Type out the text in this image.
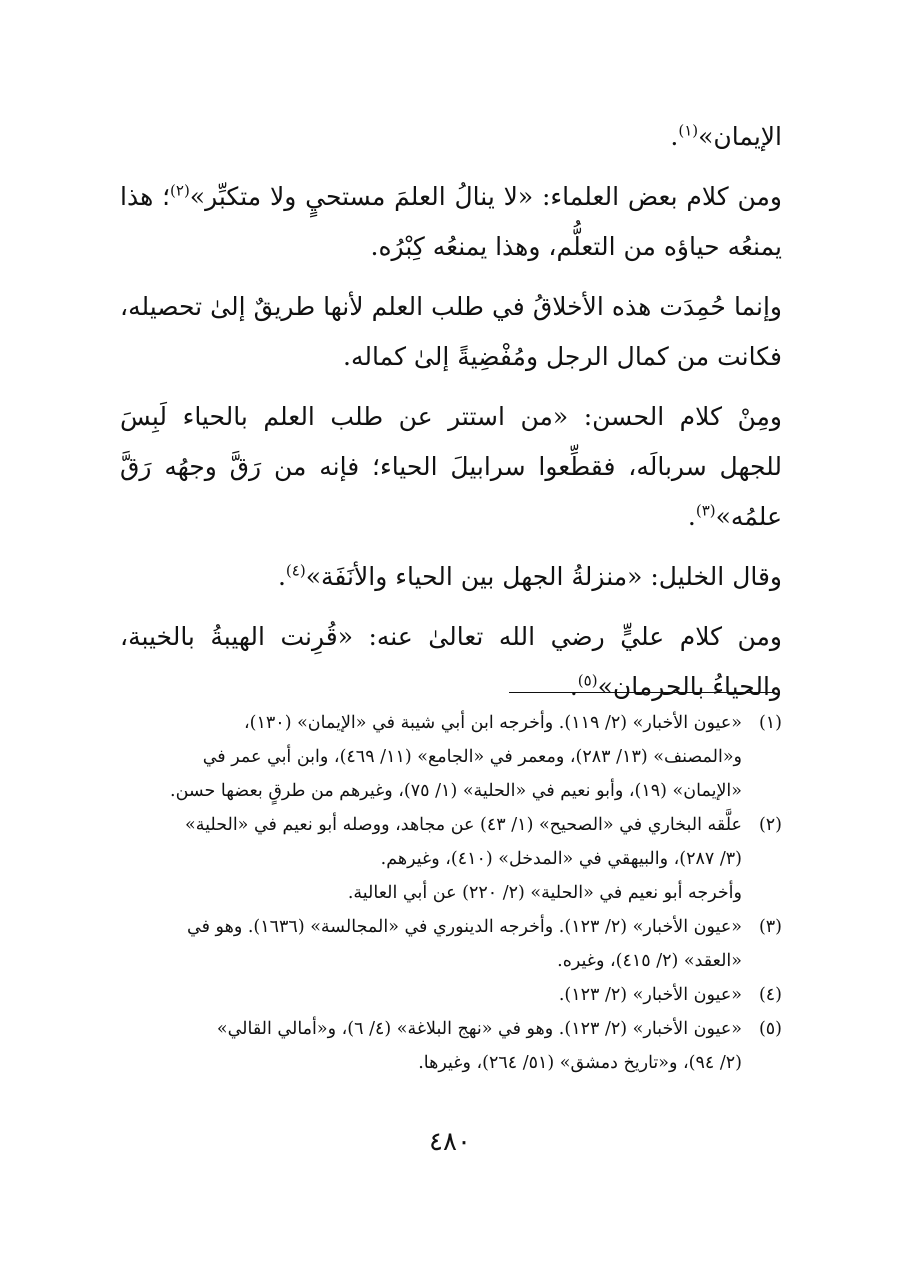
الإيمان»$^{(١)}$.

ومن كلام بعض العلماء: «لا ينالُ العلمَ مستحيٍ ولا متكبِّر»$^{(٢)}$؛ هذا يمنعُه حياؤه من التعلُّم، وهذا يمنعُه كِبْرُه.

وإنما حُمِدَت هذه الأخلاقُ في طلب العلم لأنها طريقٌ إلىٰ تحصيله، فكانت من كمال الرجل ومُفْضِيةً إلىٰ كماله.

ومِنْ كلام الحسن: «من استتر عن طلب العلم بالحياء لَبِسَ للجهل سربالَه، فقطِّعوا سرابيلَ الحياء؛ فإنه من رَقَّ وجهُه رَقَّ علمُه»$^{(٣)}$.

وقال الخليل: «منزلةُ الجهل بين الحياء والأنَفَة»$^{(٤)}$.

ومن كلام عليٍّ رضي الله تعالىٰ عنه: «قُرِنت الهيبةُ بالخيبة، والحياءُ بالحرمان»$^{(٥)}$.

(١)
«عيون الأخبار» (٢/ ١١٩). وأخرجه ابن أبي شيبة في «الإيمان» (١٣٠)،
و«المصنف» (١٣/ ٢٨٣)، ومعمر في «الجامع» (١١/ ٤٦٩)، وابن أبي عمر في
«الإيمان» (١٩)، وأبو نعيم في «الحلية» (١/ ٧٥)، وغيرهم من طرقٍ بعضها حسن.
(٢)
علَّقه البخاري في «الصحيح» (١/ ٤٣) عن مجاهد، ووصله أبو نعيم في «الحلية»
(٣/ ٢٨٧)، والبيهقي في «المدخل» (٤١٠)، وغيرهم.
وأخرجه أبو نعيم في «الحلية» (٢/ ٢٢٠) عن أبي العالية.
(٣)
«عيون الأخبار» (٢/ ١٢٣). وأخرجه الدينوري في «المجالسة» (١٦٣٦). وهو في
«العقد» (٢/ ٤١٥)، وغيره.
(٤)
«عيون الأخبار» (٢/ ١٢٣).
(٥)
«عيون الأخبار» (٢/ ١٢٣). وهو في «نهج البلاغة» (٤/ ٦)، و«أمالي القالي»
(٢/ ٩٤)، و«تاريخ دمشق» (٥١/ ٢٦٤)، وغيرها.
٤٨٠
